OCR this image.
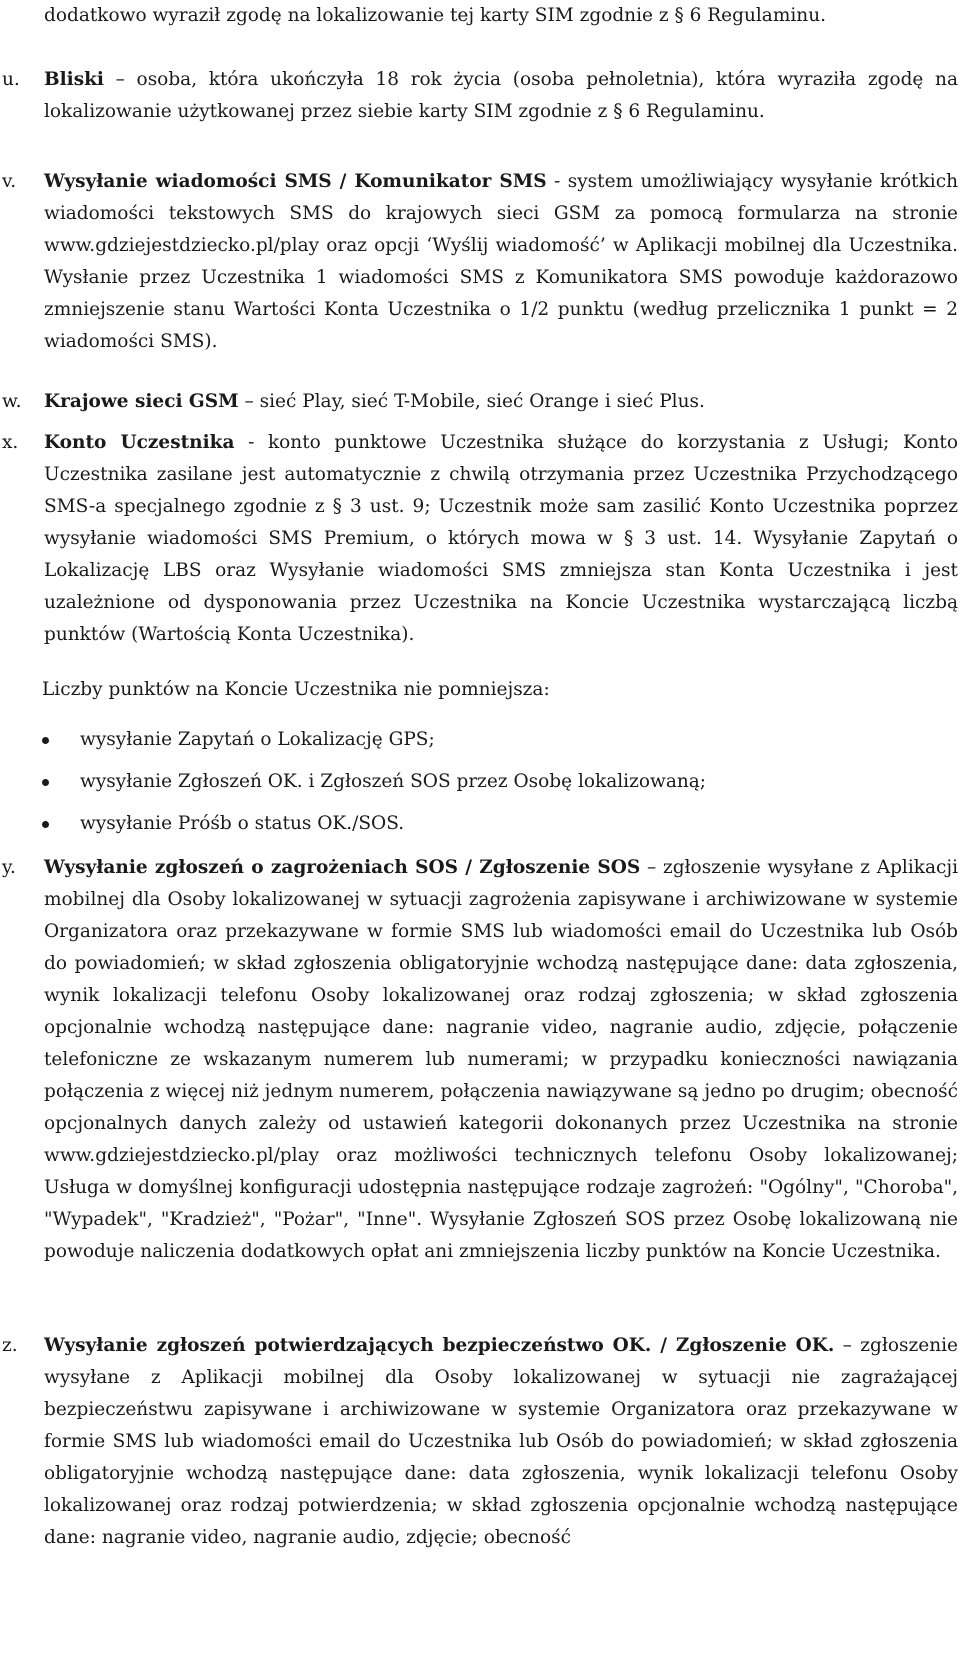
dodatkowo wyraził zgodę na lokalizowanie tej karty SIM zgodnie z § 6 Regulaminu.
u. Bliski – osoba, która ukończyła 18 rok życia (osoba pełnoletnia), która wyraziła zgodę na lokalizowanie użytkowanej przez siebie karty SIM zgodnie z § 6 Regulaminu.
v. Wysyłanie wiadomości SMS / Komunikator SMS - system umożliwiający wysyłanie krótkich wiadomości tekstowych SMS do krajowych sieci GSM za pomocą formularza na stronie www.gdziejestdziecko.pl/play oraz opcji ‘Wyślij wiadomość’ w Aplikacji mobilnej dla Uczestnika. Wysłanie przez Uczestnika 1 wiadomości SMS z Komunikatora SMS powoduje każdorazowo zmniejszenie stanu Wartości Konta Uczestnika o 1/2 punktu (według przelicznika 1 punkt = 2 wiadomości SMS).
w. Krajowe sieci GSM – sieć Play, sieć T-Mobile, sieć Orange i sieć Plus.
x. Konto Uczestnika - konto punktowe Uczestnika służące do korzystania z Usługi; Konto Uczestnika zasilane jest automatycznie z chwilą otrzymania przez Uczestnika Przychodzącego SMS-a specjalnego zgodnie z § 3 ust. 9; Uczestnik może sam zasilić Konto Uczestnika poprzez wysyłanie wiadomości SMS Premium, o których mowa w § 3 ust. 14. Wysyłanie Zapytań o Lokalizację LBS oraz Wysyłanie wiadomości SMS zmniejsza stan Konta Uczestnika i jest uzależnione od dysponowania przez Uczestnika na Koncie Uczestnika wystarczającą liczbą punktów (Wartością Konta Uczestnika).
Liczby punktów na Koncie Uczestnika nie pomniejsza:
wysyłanie Zapytań o Lokalizację GPS;
wysyłanie Zgłoszeń OK. i Zgłoszeń SOS przez Osobę lokalizowaną;
wysyłanie Próśb o status OK./SOS.
y. Wysyłanie zgłoszeń o zagrożeniach SOS / Zgłoszenie SOS – zgłoszenie wysyłane z Aplikacji mobilnej dla Osoby lokalizowanej w sytuacji zagrożenia zapisywane i archiwizowane w systemie Organizatora oraz przekazywane w formie SMS lub wiadomości email do Uczestnika lub Osób do powiadomień; w skład zgłoszenia obligatoryjnie wchodzą następujące dane: data zgłoszenia, wynik lokalizacji telefonu Osoby lokalizowanej oraz rodzaj zgłoszenia; w skład zgłoszenia opcjonalnie wchodzą następujące dane: nagranie video, nagranie audio, zdjęcie, połączenie telefoniczne ze wskazanym numerem lub numerami; w przypadku konieczności nawiązania połączenia z więcej niż jednym numerem, połączenia nawiązywane są jedno po drugim; obecność opcjonalnych danych zależy od ustawień kategorii dokonanych przez Uczestnika na stronie www.gdziejestdziecko.pl/play oraz możliwości technicznych telefonu Osoby lokalizowanej; Usługa w domyślnej konfiguracji udostępnia następujące rodzaje zagrożeń: "Ogólny", "Choroba", "Wypadek", "Kradzież", "Pożar", "Inne". Wysyłanie Zgłoszeń SOS przez Osobę lokalizowaną nie powoduje naliczenia dodatkowych opłat ani zmniejszenia liczby punktów na Koncie Uczestnika.
z. Wysyłanie zgłoszeń potwierdzających bezpieczeństwo OK. / Zgłoszenie OK. – zgłoszenie wysyłane z Aplikacji mobilnej dla Osoby lokalizowanej w sytuacji nie zagrażającej bezpieczeństwu zapisywane i archiwizowane w systemie Organizatora oraz przekazywane w formie SMS lub wiadomości email do Uczestnika lub Osób do powiadomień; w skład zgłoszenia obligatoryjnie wchodzą następujące dane: data zgłoszenia, wynik lokalizacji telefonu Osoby lokalizowanej oraz rodzaj potwierdzenia; w skład zgłoszenia opcjonalnie wchodzą następujące dane: nagranie video, nagranie audio, zdjęcie; obecność
